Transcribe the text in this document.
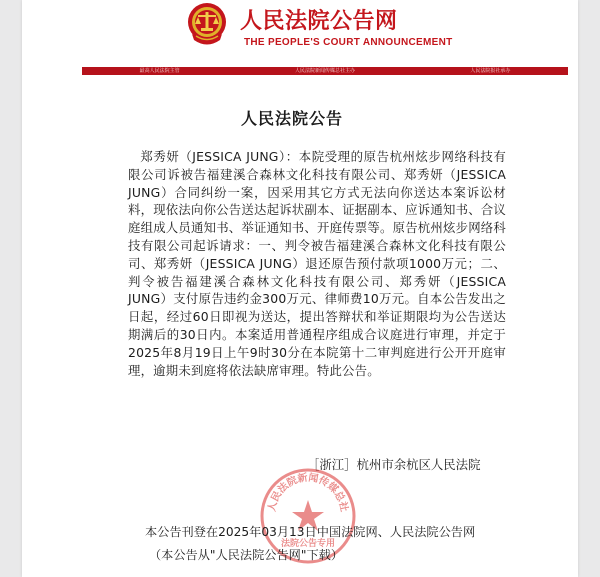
人民法院公告网
THE PEOPLE'S COURT ANNOUNCEMENT
最高人民法院主管	人民法院新闻传媒总社主办	人民法院报社承办
人民法院公告

郑秀妍（JESSICA JUNG）：本院受理的原告杭州炫步网络科技有限公司诉被告福建溪合森林文化科技有限公司、郑秀妍（JESSICA JUNG）合同纠纷一案，因采用其它方式无法向你送达本案诉讼材料，现依法向你公告送达起诉状副本、证据副本、应诉通知书、合议庭组成人员通知书、举证通知书、开庭传票等。原告杭州炫步网络科技有限公司起诉请求：一、判令被告福建溪合森林文化科技有限公司、郑秀妍（JESSICA JUNG）退还原告预付款项1000万元；二、判令被告福建溪合森林文化科技有限公司、郑秀妍（JESSICA JUNG）支付原告违约金300万元、律师费10万元。自本公告发出之日起，经过60日即视为送达，提出答辩状和举证期限均为公告送达期满后的30日内。本案适用普通程序组成合议庭进行审理，并定于2025年8月19日上午9时30分在本院第十二审判庭进行公开开庭审理，逾期未到庭将依法缺席审理。特此公告。

［浙江］杭州市余杭区人民法院
人民法院新闻传媒总社
法院公告专用
本公告刊登在2025年03月13日中国法院网、人民法院公告网
（本公告从"人民法院公告网"下载）
